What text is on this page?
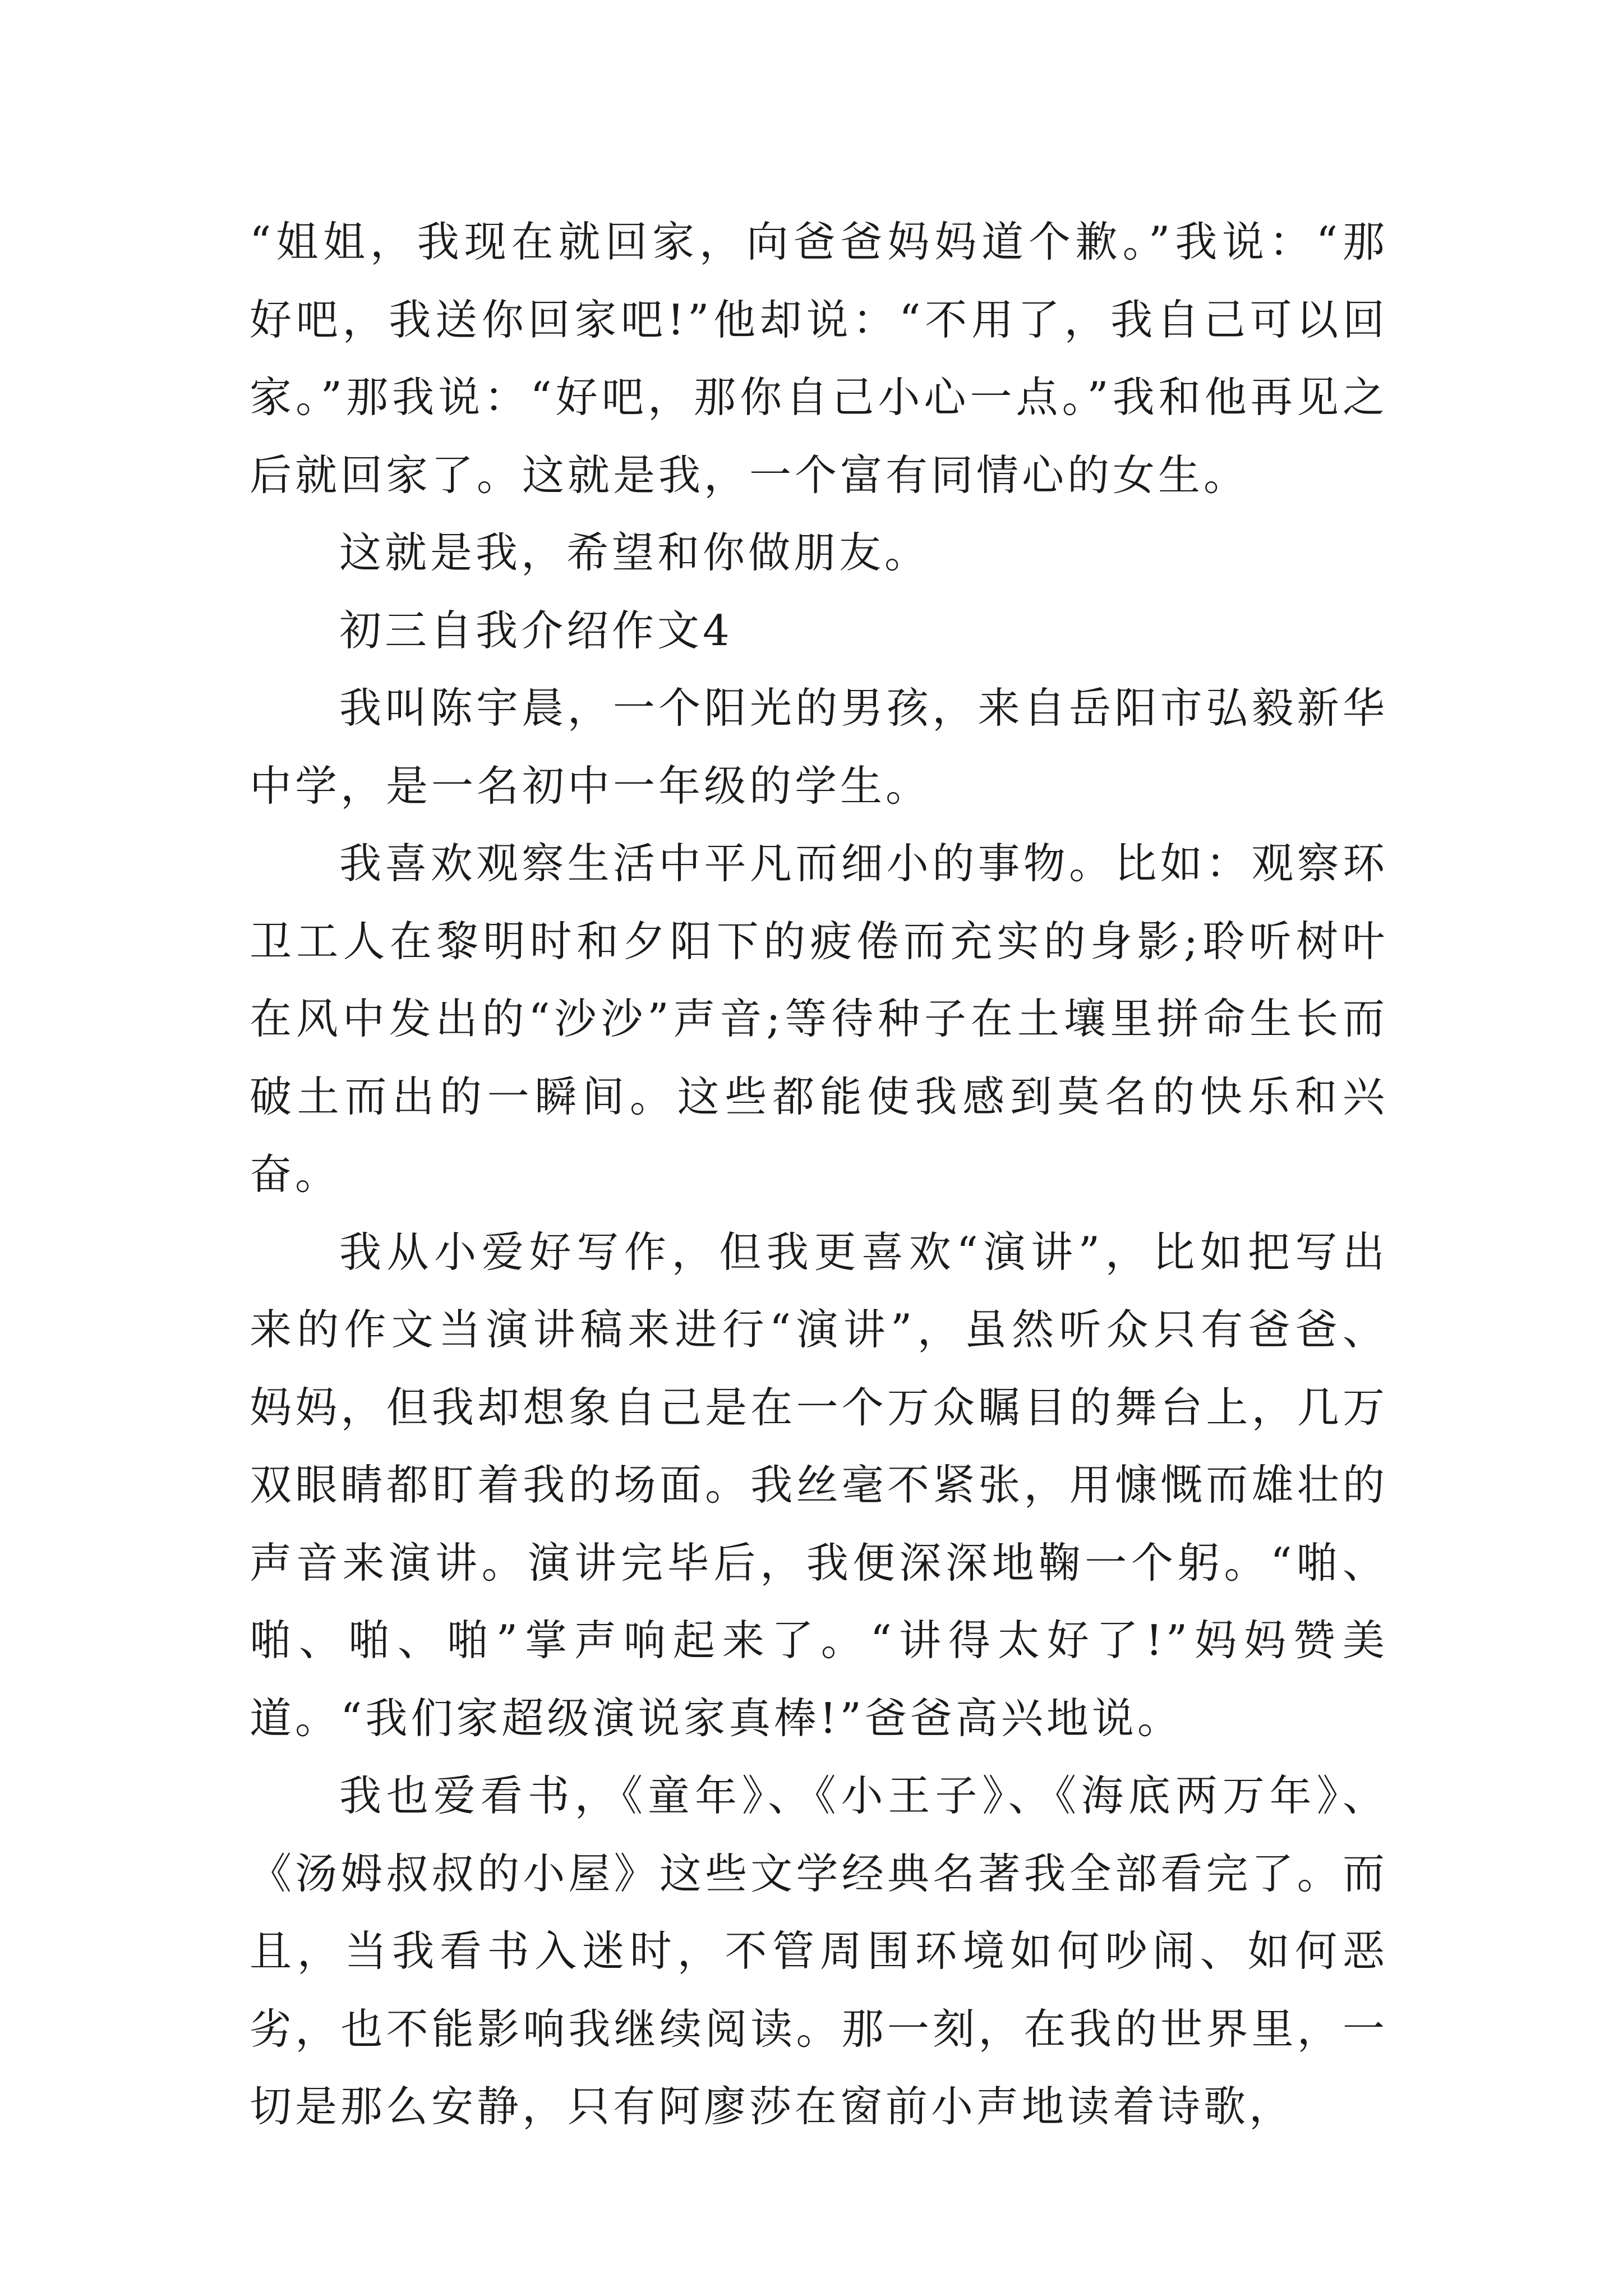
“姐姐，我现在就回家，向爸爸妈妈道个歉。”我说：“那好吧，我送你回家吧!”他却说：“不用了，我自己可以回家。”那我说：“好吧，那你自己小心一点。”我和他再见之后就回家了。这就是我，一个富有同情心的女生。

这就是我，希望和你做朋友。

初三自我介绍作文4

我叫陈宇晨，一个阳光的男孩，来自岳阳市弘毅新华中学，是一名初中一年级的学生。

我喜欢观察生活中平凡而细小的事物。比如：观察环卫工人在黎明时和夕阳下的疲倦而充实的身影;聆听树叶在风中发出的“沙沙”声音;等待种子在土壤里拼命生长而破土而出的一瞬间。这些都能使我感到莫名的快乐和兴奋。

我从小爱好写作，但我更喜欢“演讲”，比如把写出来的作文当演讲稿来进行“演讲”，虽然听众只有爸爸、妈妈，但我却想象自己是在一个万众瞩目的舞台上，几万双眼睛都盯着我的场面。我丝毫不紧张，用慷慨而雄壮的声音来演讲。演讲完毕后，我便深深地鞠一个躬。“啪、啪、啪、啪”掌声响起来了。“讲得太好了!”妈妈赞美道。“我们家超级演说家真棒!”爸爸高兴地说。

我也爱看书，《童年》、《小王子》、《海底两万年》、《汤姆叔叔的小屋》这些文学经典名著我全部看完了。而且，当我看书入迷时，不管周围环境如何吵闹、如何恶劣，也不能影响我继续阅读。那一刻，在我的世界里，一切是那么安静，只有阿廖莎在窗前小声地读着诗歌，
